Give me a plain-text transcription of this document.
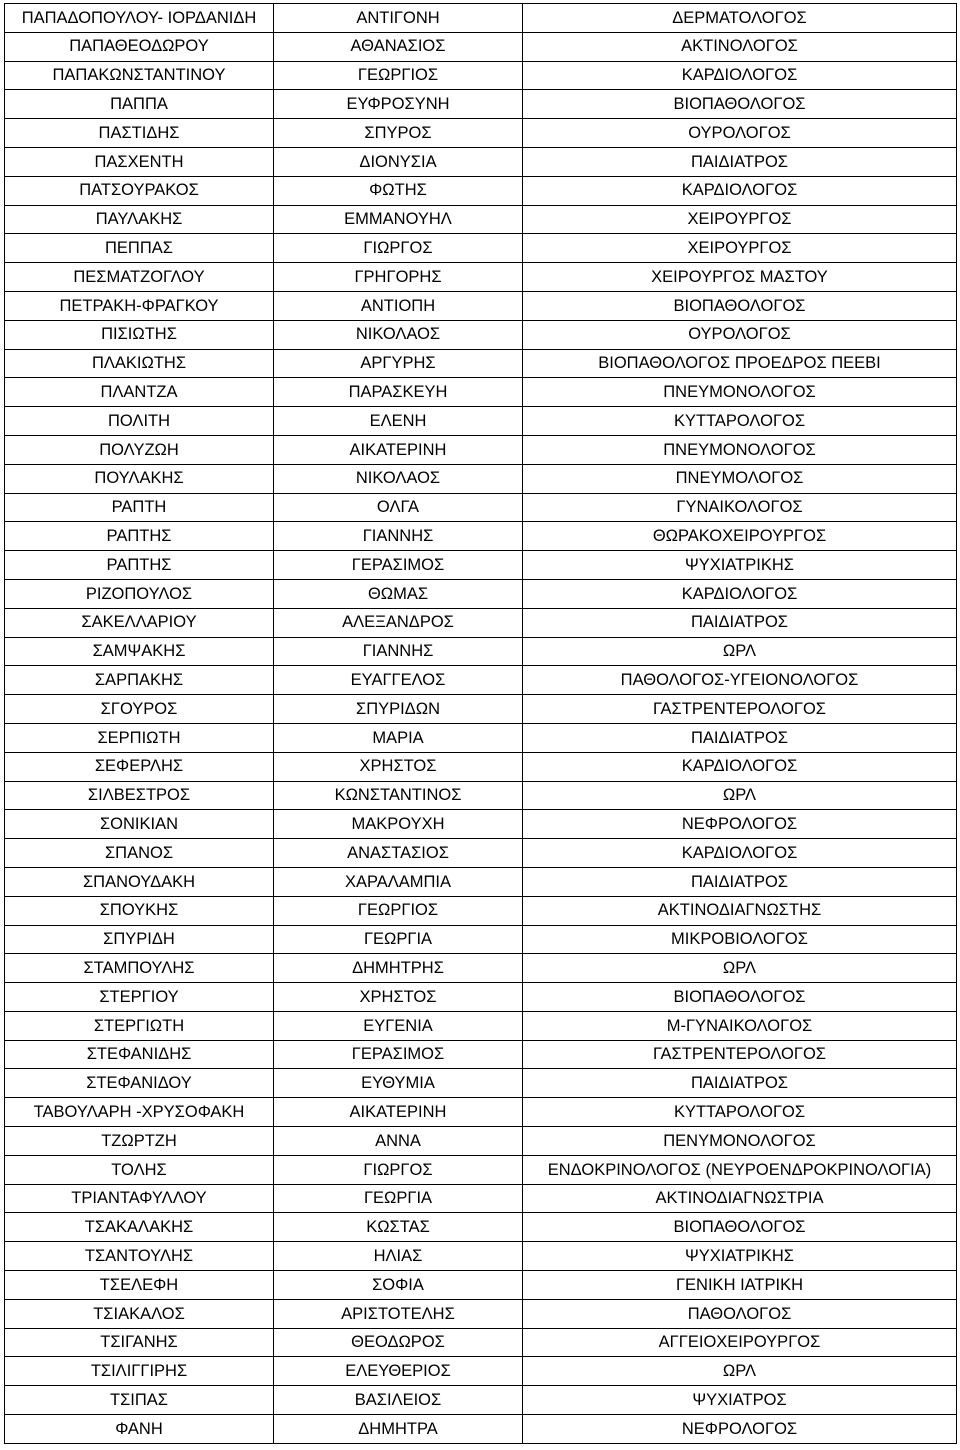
ΠΑΠΑΔΟΠΟΥΛΟΥ- ΙΟΡΔΑΝΙΔΗ	ΑΝΤΙΓΟΝΗ	ΔΕΡΜΑΤΟΛΟΓΟΣ
ΠΑΠΑΘΕΟΔΩΡΟΥ	ΑΘΑΝΑΣΙΟΣ	ΑΚΤΙΝΟΛΟΓΟΣ
ΠΑΠΑΚΩΝΣΤΑΝΤΙΝΟΥ	ΓΕΩΡΓΙΟΣ	ΚΑΡΔΙΟΛΟΓΟΣ
ΠΑΠΠΑ	ΕΥΦΡΟΣΥΝΗ	ΒΙΟΠΑΘΟΛΟΓΟΣ
ΠΑΣΤΙΔΗΣ	ΣΠΥΡΟΣ	ΟΥΡΟΛΟΓΟΣ
ΠΑΣΧΕΝΤΗ	ΔΙΟΝΥΣΙΑ	ΠΑΙΔΙΑΤΡΟΣ
ΠΑΤΣΟΥΡΑΚΟΣ	ΦΩΤΗΣ	ΚΑΡΔΙΟΛΟΓΟΣ
ΠΑΥΛΑΚΗΣ	ΕΜΜΑΝΟΥΗΛ	ΧΕΙΡΟΥΡΓΟΣ
ΠΕΠΠΑΣ	ΓΙΩΡΓΟΣ	ΧΕΙΡΟΥΡΓΟΣ
ΠΕΣΜΑΤΖΟΓΛΟΥ	ΓΡΗΓΟΡΗΣ	ΧΕΙΡΟΥΡΓΟΣ ΜΑΣΤΟΥ
ΠΕΤΡΑΚΗ-ΦΡΑΓΚΟΥ	ΑΝΤΙΟΠΗ	ΒΙΟΠΑΘΟΛΟΓΟΣ
ΠΙΣΙΩΤΗΣ	ΝΙΚΟΛΑΟΣ	ΟΥΡΟΛΟΓΟΣ
ΠΛΑΚΙΩΤΗΣ	ΑΡΓΥΡΗΣ	ΒΙΟΠΑΘΟΛΟΓΟΣ ΠΡΟΕΔΡΟΣ ΠΕΕΒΙ
ΠΛΑΝΤΖΑ	ΠΑΡΑΣΚΕΥΗ	ΠΝΕΥΜΟΝΟΛΟΓΟΣ
ΠΟΛΙΤΗ	ΕΛΕΝΗ	ΚΥΤΤΑΡΟΛΟΓΟΣ
ΠΟΛΥΖΩΗ	ΑΙΚΑΤΕΡΙΝΗ	ΠΝΕΥΜΟΝΟΛΟΓΟΣ
ΠΟΥΛΑΚΗΣ	ΝΙΚΟΛΑΟΣ	ΠΝΕΥΜΟΛΟΓΟΣ
ΡΑΠΤΗ	ΟΛΓΑ	ΓΥΝΑΙΚΟΛΟΓΟΣ
ΡΑΠΤΗΣ	ΓΙΑΝΝΗΣ	ΘΩΡΑΚΟΧΕΙΡΟΥΡΓΟΣ
ΡΑΠΤΗΣ	ΓΕΡΑΣΙΜΟΣ	ΨΥΧΙΑΤΡΙΚΗΣ
ΡΙΖΟΠΟΥΛΟΣ	ΘΩΜΑΣ	ΚΑΡΔΙΟΛΟΓΟΣ
ΣΑΚΕΛΛΑΡΙΟΥ	ΑΛΕΞΑΝΔΡΟΣ	ΠΑΙΔΙΑΤΡΟΣ
ΣΑΜΨΑΚΗΣ	ΓΙΑΝΝΗΣ	ΩΡΛ
ΣΑΡΠΑΚΗΣ	ΕΥΑΓΓΕΛΟΣ	ΠΑΘΟΛΟΓΟΣ-ΥΓΕΙΟΝΟΛΟΓΟΣ
ΣΓΟΥΡΟΣ	ΣΠΥΡΙΔΩΝ	ΓΑΣΤΡΕΝΤΕΡΟΛΟΓΟΣ
ΣΕΡΠΙΩΤΗ	ΜΑΡΙΑ	ΠΑΙΔΙΑΤΡΟΣ
ΣΕΦΕΡΛΗΣ	ΧΡΗΣΤΟΣ	ΚΑΡΔΙΟΛΟΓΟΣ
ΣΙΛΒΕΣΤΡΟΣ	ΚΩΝΣΤΑΝΤΙΝΟΣ	ΩΡΛ
ΣΟΝΙΚΙΑΝ	ΜΑΚΡΟΥΧΗ	ΝΕΦΡΟΛΟΓΟΣ
ΣΠΑΝΟΣ	ΑΝΑΣΤΑΣΙΟΣ	ΚΑΡΔΙΟΛΟΓΟΣ
ΣΠΑΝΟΥΔΑΚΗ	ΧΑΡΑΛΑΜΠΙΑ	ΠΑΙΔΙΑΤΡΟΣ
ΣΠΟΥΚΗΣ	ΓΕΩΡΓΙΟΣ	ΑΚΤΙΝΟΔΙΑΓΝΩΣΤΗΣ
ΣΠΥΡΙΔΗ	ΓΕΩΡΓΙΑ	ΜΙΚΡΟΒΙΟΛΟΓΟΣ
ΣΤΑΜΠΟΥΛΗΣ	ΔΗΜΗΤΡΗΣ	ΩΡΛ
ΣΤΕΡΓΙΟΥ	ΧΡΗΣΤΟΣ	ΒΙΟΠΑΘΟΛΟΓΟΣ
ΣΤΕΡΓΙΩΤΗ	ΕΥΓΕΝΙΑ	Μ-ΓΥΝΑΙΚΟΛΟΓΟΣ
ΣΤΕΦΑΝΙΔΗΣ	ΓΕΡΑΣΙΜΟΣ	ΓΑΣΤΡΕΝΤΕΡΟΛΟΓΟΣ
ΣΤΕΦΑΝΙΔΟΥ	ΕΥΘΥΜΙΑ	ΠΑΙΔΙΑΤΡΟΣ
ΤΑΒΟΥΛΑΡΗ -ΧΡΥΣΟΦΑΚΗ	ΑΙΚΑΤΕΡΙΝΗ	ΚΥΤΤΑΡΟΛΟΓΟΣ
ΤΖΩΡΤΖΗ	ΑΝΝΑ	ΠΕΝΥΜΟΝΟΛΟΓΟΣ
ΤΟΛΗΣ	ΓΙΩΡΓΟΣ	ΕΝΔΟΚΡΙΝΟΛΟΓΟΣ (ΝΕΥΡΟΕΝΔΡΟΚΡΙΝΟΛΟΓΙΑ)
ΤΡΙΑΝΤΑΦΥΛΛΟΥ	ΓΕΩΡΓΙΑ	ΑΚΤΙΝΟΔΙΑΓΝΩΣΤΡΙΑ
ΤΣΑΚΑΛΑΚΗΣ	ΚΩΣΤΑΣ	ΒΙΟΠΑΘΟΛΟΓΟΣ
ΤΣΑΝΤΟΥΛΗΣ	ΗΛΙΑΣ	ΨΥΧΙΑΤΡΙΚΗΣ
ΤΣΕΛΕΦΗ	ΣΟΦΙΑ	ΓΕΝΙΚΗ ΙΑΤΡΙΚΗ
ΤΣΙΑΚΑΛΟΣ	ΑΡΙΣΤΟΤΕΛΗΣ	ΠΑΘΟΛΟΓΟΣ
ΤΣΙΓΑΝΗΣ	ΘΕΟΔΩΡΟΣ	ΑΓΓΕΙΟΧΕΙΡΟΥΡΓΟΣ
ΤΣΙΛΙΓΓΙΡΗΣ	ΕΛΕΥΘΕΡΙΟΣ	ΩΡΛ
ΤΣΙΠΑΣ	ΒΑΣΙΛΕΙΟΣ	ΨΥΧΙΑΤΡΟΣ
ΦΑΝΗ	ΔΗΜΗΤΡΑ	ΝΕΦΡΟΛΟΓΟΣ
